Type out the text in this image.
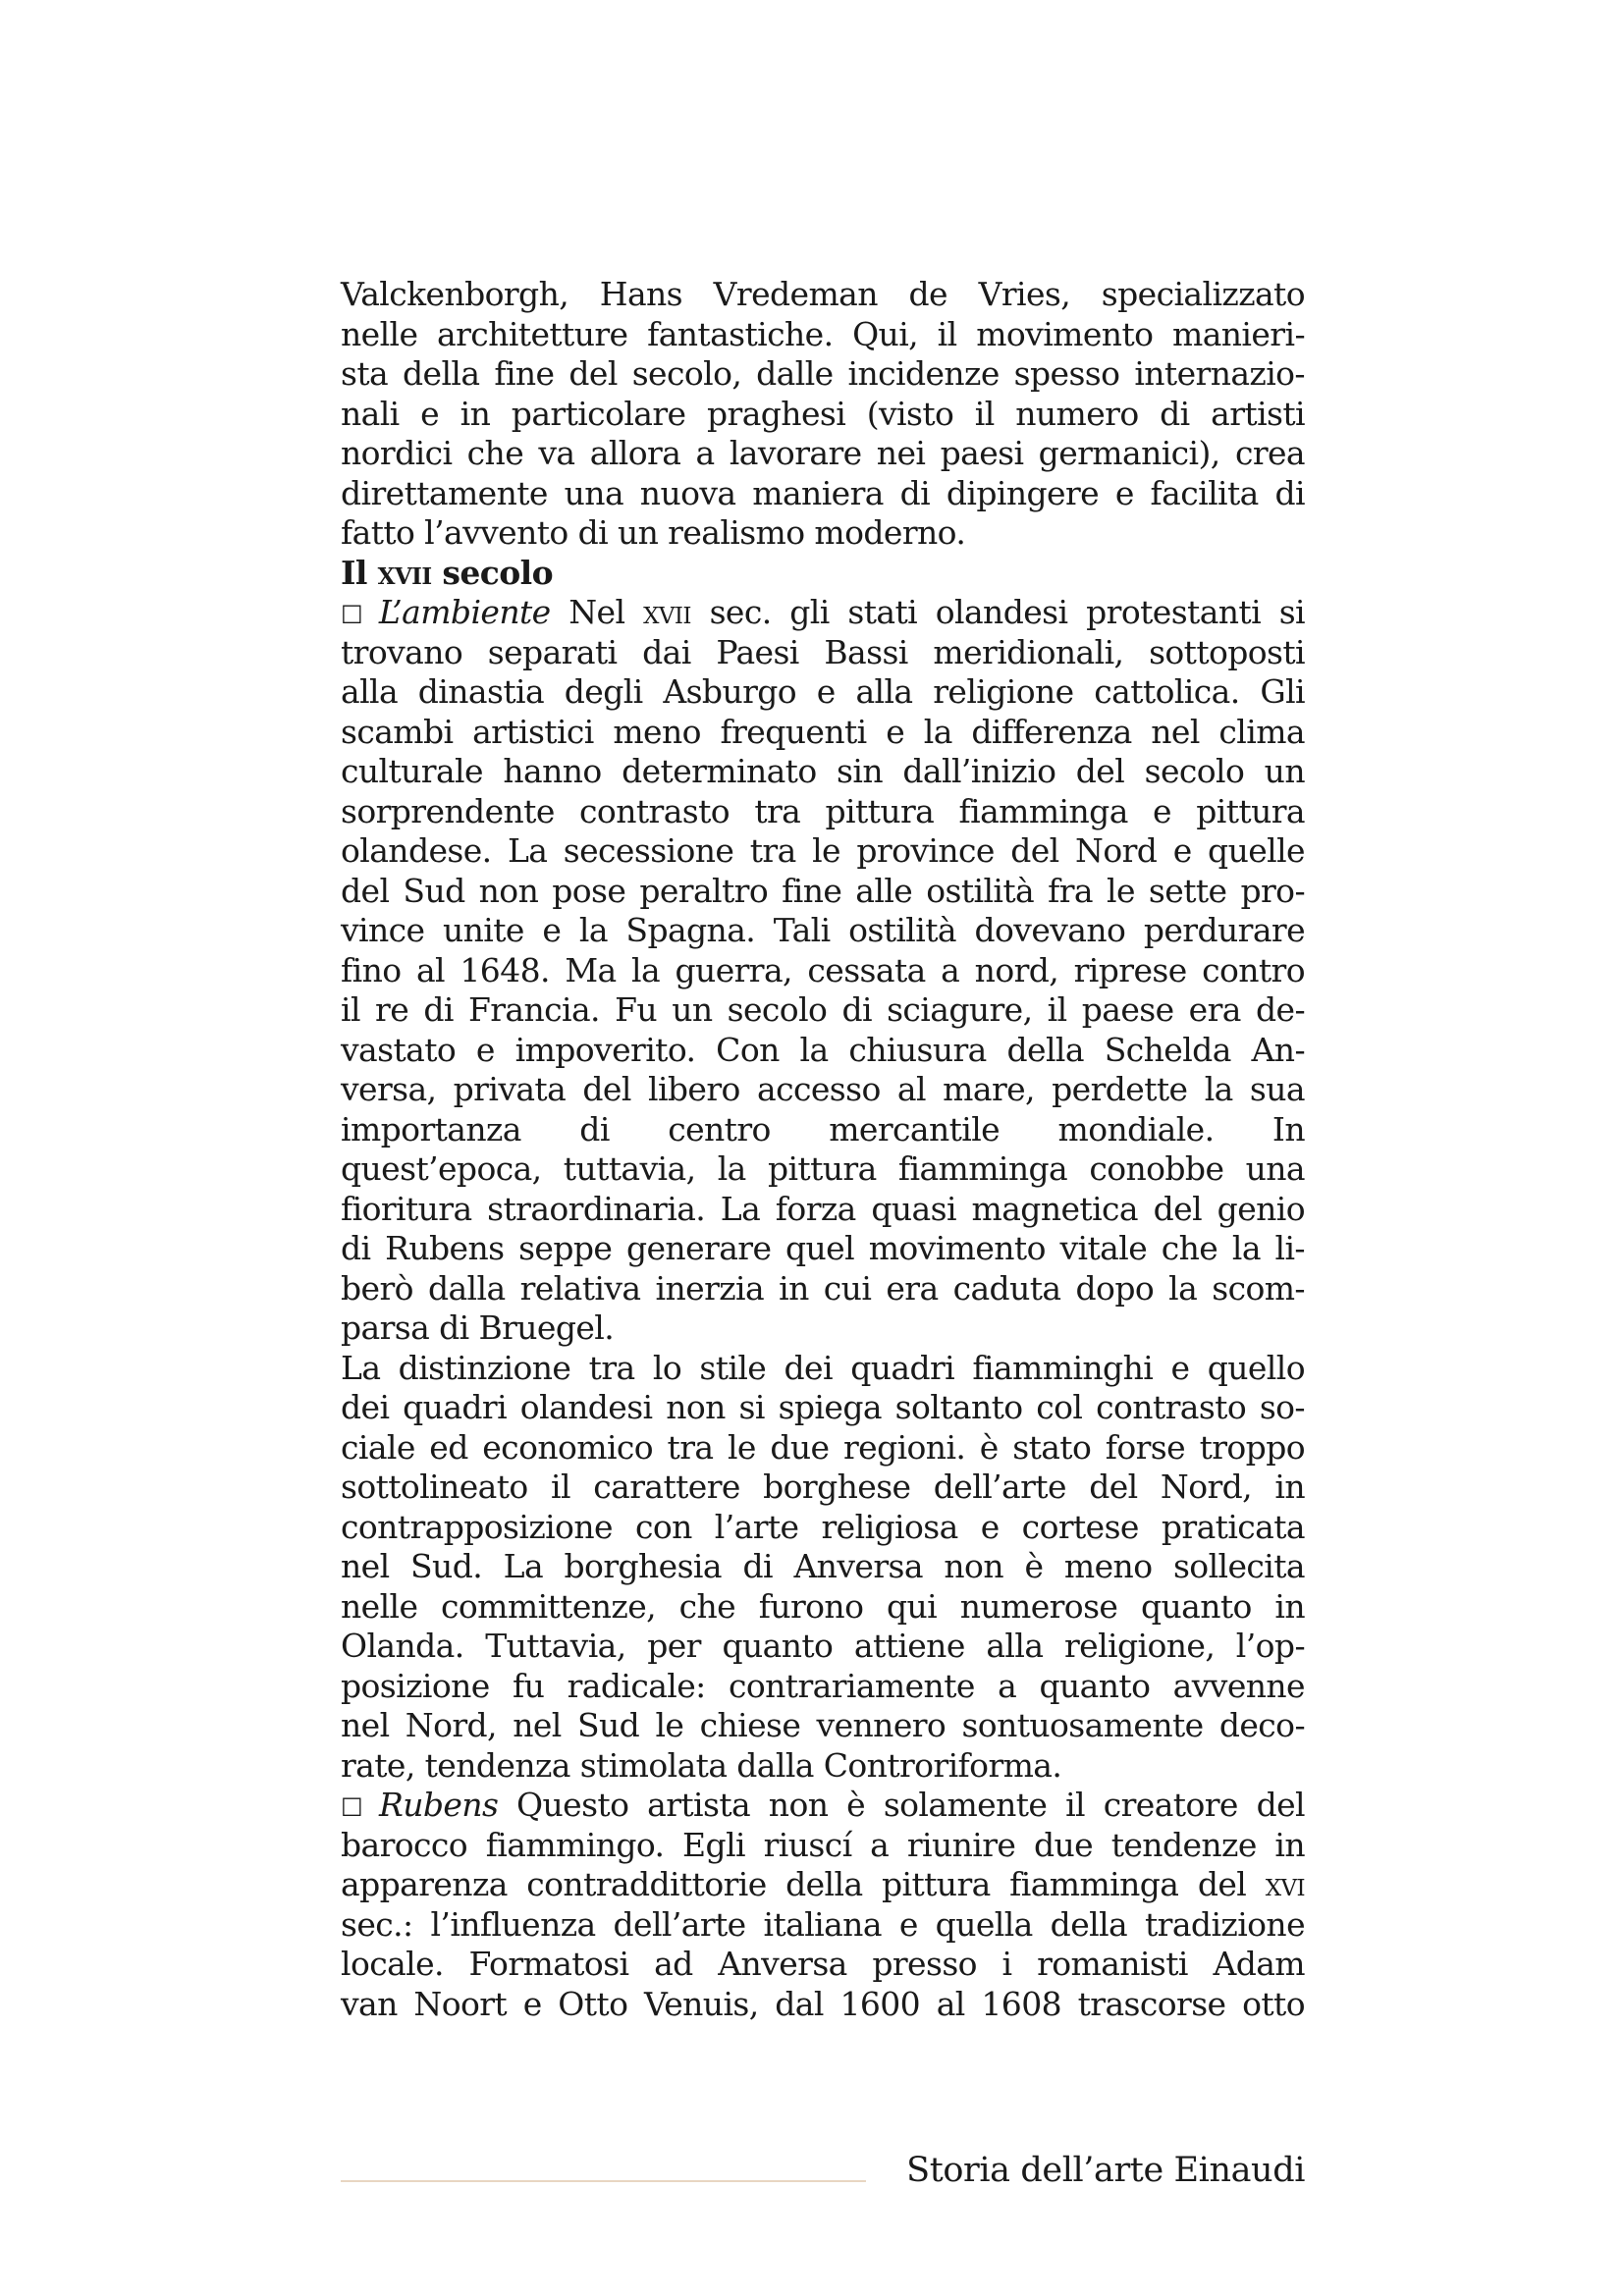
Valckenborgh, Hans Vredeman de Vries, specializzato
nelle architetture fantastiche. Qui, il movimento manieri-
sta della fine del secolo, dalle incidenze spesso internazio-
nali e in particolare praghesi (visto il numero di artisti
nordici che va allora a lavorare nei paesi germanici), crea
direttamente una nuova maniera di dipingere e facilita di
fatto l’avvento di un realismo moderno.
Il xvii secolo
□ L’ambiente Nel xvii sec. gli stati olandesi protestanti si
trovano separati dai Paesi Bassi meridionali, sottoposti
alla dinastia degli Asburgo e alla religione cattolica. Gli
scambi artistici meno frequenti e la differenza nel clima
culturale hanno determinato sin dall’inizio del secolo un
sorprendente contrasto tra pittura fiamminga e pittura
olandese. La secessione tra le province del Nord e quelle
del Sud non pose peraltro fine alle ostilità fra le sette pro-
vince unite e la Spagna. Tali ostilità dovevano perdurare
fino al 1648. Ma la guerra, cessata a nord, riprese contro
il re di Francia. Fu un secolo di sciagure, il paese era de-
vastato e impoverito. Con la chiusura della Schelda An-
versa, privata del libero accesso al mare, perdette la sua
importanza di centro mercantile mondiale. In
quest’epoca, tuttavia, la pittura fiamminga conobbe una
fioritura straordinaria. La forza quasi magnetica del genio
di Rubens seppe generare quel movimento vitale che la li-
berò dalla relativa inerzia in cui era caduta dopo la scom-
parsa di Bruegel.
La distinzione tra lo stile dei quadri fiamminghi e quello
dei quadri olandesi non si spiega soltanto col contrasto so-
ciale ed economico tra le due regioni. è stato forse troppo
sottolineato il carattere borghese dell’arte del Nord, in
contrapposizione con l’arte religiosa e cortese praticata
nel Sud. La borghesia di Anversa non è meno sollecita
nelle committenze, che furono qui numerose quanto in
Olanda. Tuttavia, per quanto attiene alla religione, l’op-
posizione fu radicale: contrariamente a quanto avvenne
nel Nord, nel Sud le chiese vennero sontuosamente deco-
rate, tendenza stimolata dalla Controriforma.
□ Rubens Questo artista non è solamente il creatore del
barocco fiammingo. Egli riuscí a riunire due tendenze in
apparenza contraddittorie della pittura fiamminga del xvi
sec.: l’influenza dell’arte italiana e quella della tradizione
locale. Formatosi ad Anversa presso i romanisti Adam
van Noort e Otto Venuis, dal 1600 al 1608 trascorse otto
Storia dell’arte Einaudi
